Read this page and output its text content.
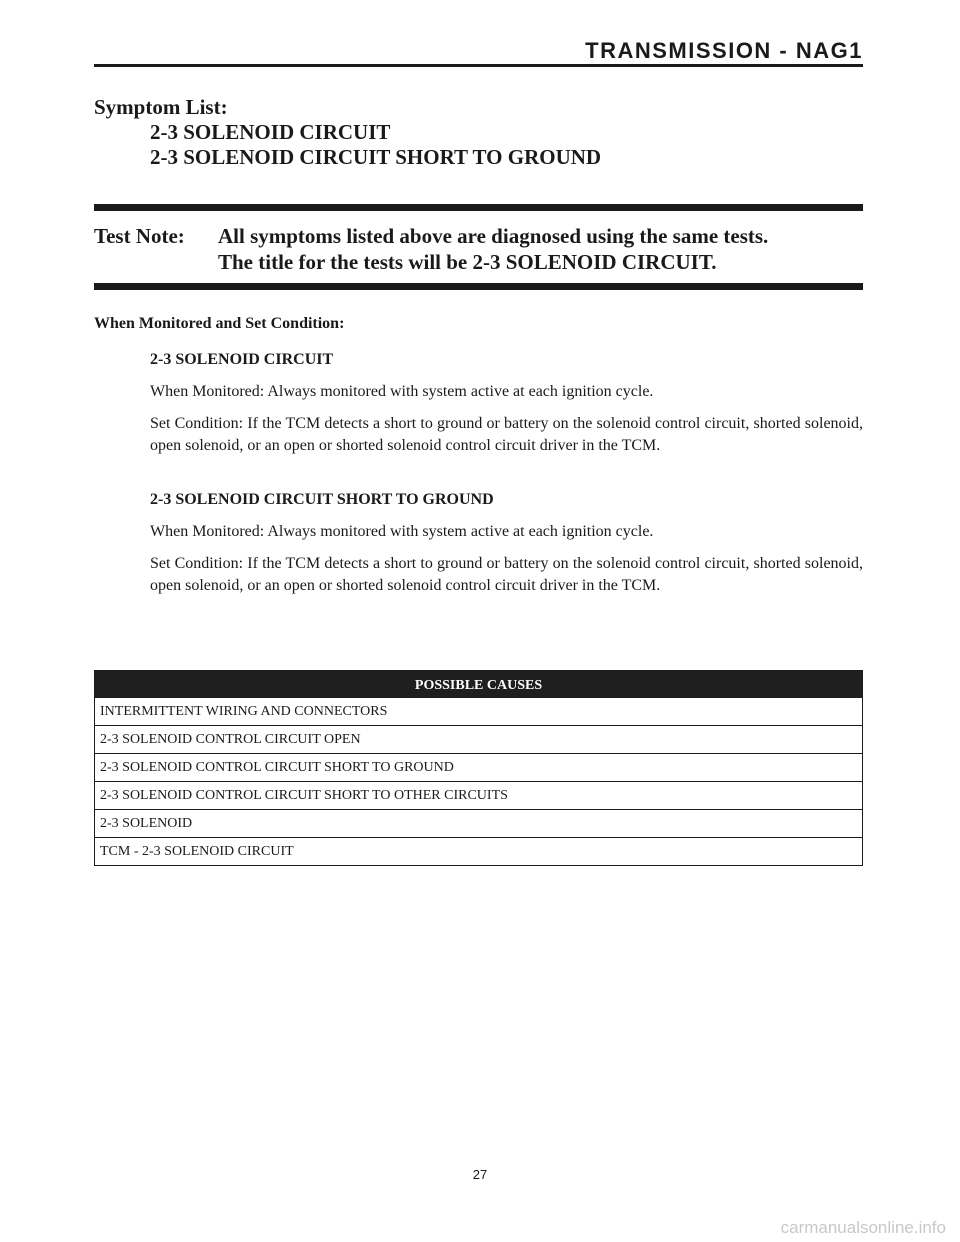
TRANSMISSION - NAG1
Symptom List:
2-3 SOLENOID CIRCUIT
2-3 SOLENOID CIRCUIT SHORT TO GROUND
Test Note: All symptoms listed above are diagnosed using the same tests.
The title for the tests will be 2-3 SOLENOID CIRCUIT.
When Monitored and Set Condition:
2-3 SOLENOID CIRCUIT
When Monitored: Always monitored with system active at each ignition cycle.
Set Condition: If the TCM detects a short to ground or battery on the solenoid control circuit, shorted solenoid, open solenoid, or an open or shorted solenoid control circuit driver in the TCM.
2-3 SOLENOID CIRCUIT SHORT TO GROUND
When Monitored: Always monitored with system active at each ignition cycle.
Set Condition: If the TCM detects a short to ground or battery on the solenoid control circuit, shorted solenoid, open solenoid, or an open or shorted solenoid control circuit driver in the TCM.
POSSIBLE CAUSES
INTERMITTENT WIRING AND CONNECTORS
2-3 SOLENOID CONTROL CIRCUIT OPEN
2-3 SOLENOID CONTROL CIRCUIT SHORT TO GROUND
2-3 SOLENOID CONTROL CIRCUIT SHORT TO OTHER CIRCUITS
2-3 SOLENOID
TCM - 2-3 SOLENOID CIRCUIT
27
carmanualsonline.info
